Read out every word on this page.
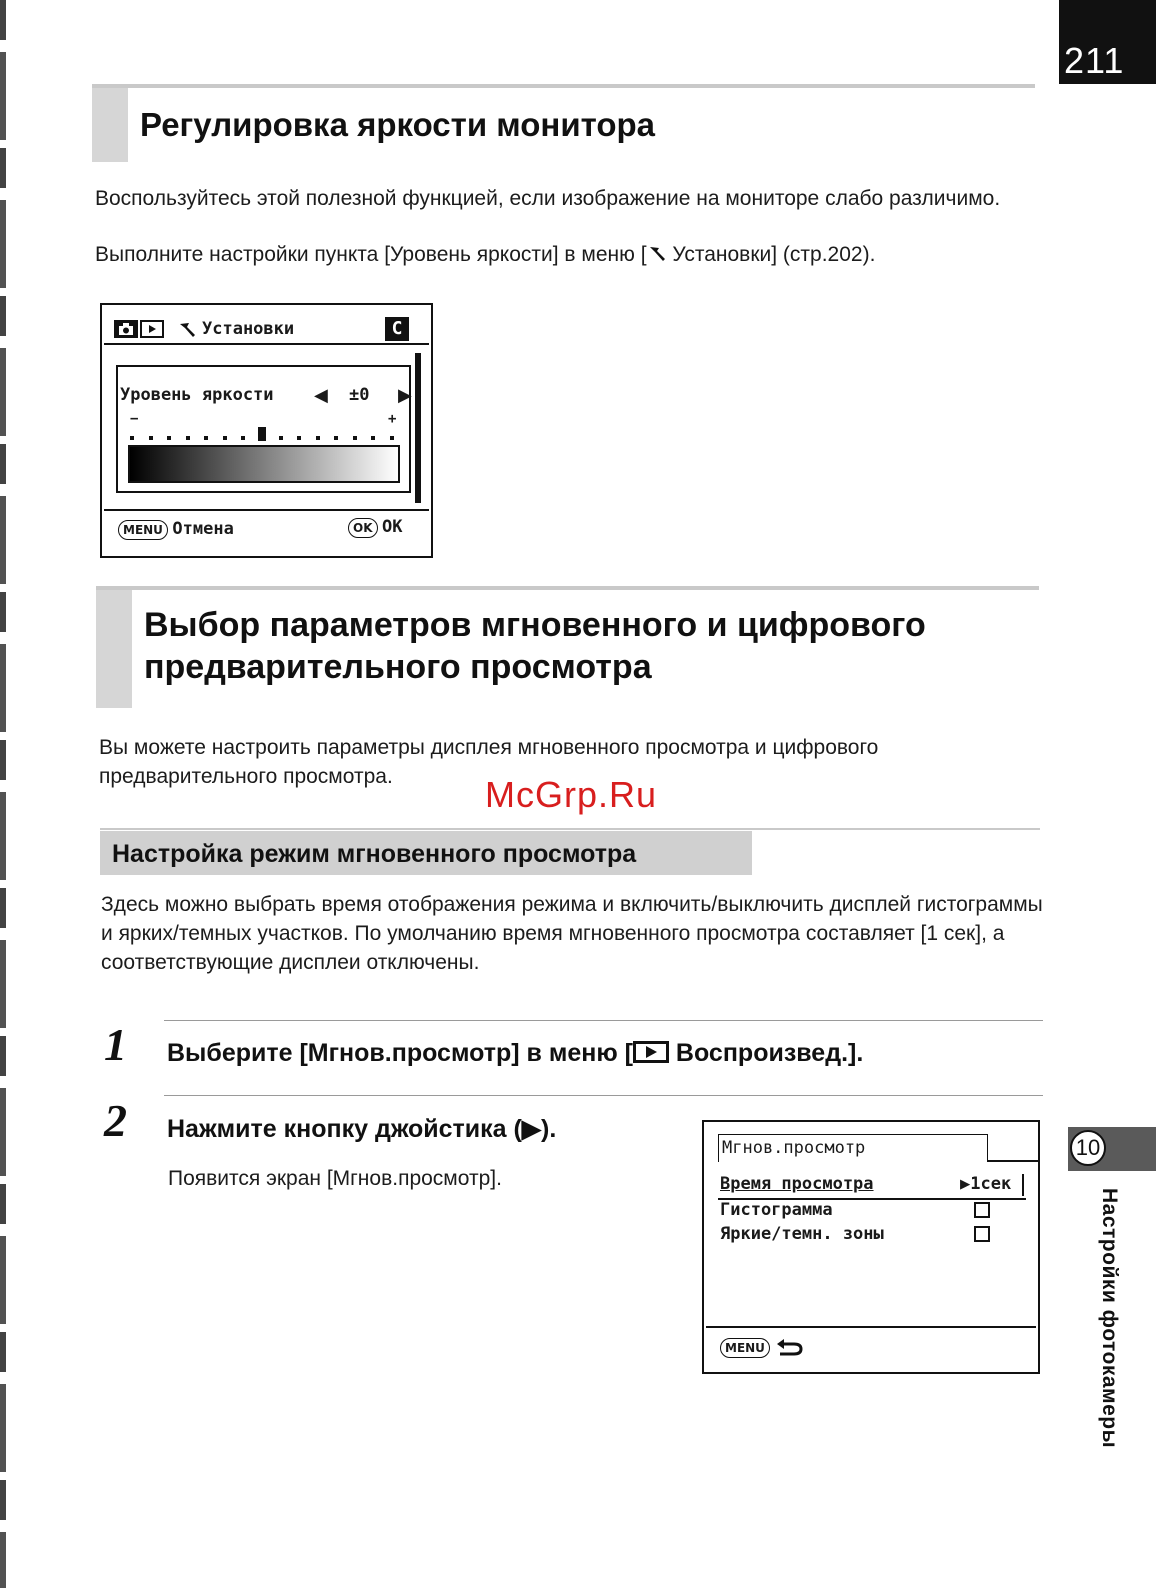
211
Регулировка яркости монитора
Воспользуйтесь этой полезной функцией, если изображение на мониторе слабо различимо.
Выполните настройки пункта [Уровень яркости] в меню [ Установки] (стр.202).
Установки	C
Уровень яркости ◀ ±0 ▶
−	+
MENU Отмена	OK OK
Выбор параметров мгновенного и цифрового
предварительного просмотра
Вы можете настроить параметры дисплея мгновенного просмотра и цифрового предварительного просмотра.	McGrp.Ru
Настройка режим мгновенного просмотра
Здесь можно выбрать время отображения режима и включить/выключить дисплей гистограммы и ярких/темных участков. По умолчанию время мгновенного просмотра составляет [1 сек], а соответствующие дисплеи отключены.
1 Выберите [Мгнов.просмотр] в меню [ Воспроизвед.].
2 Нажмите кнопку джойстика (▶).
Появится экран [Мгнов.просмотр].
Мгнов.просмотр
Время просмотра	▶1сек
Гистограмма
Яркие/темн. зоны
MENU
10
Настройки фотокамеры
